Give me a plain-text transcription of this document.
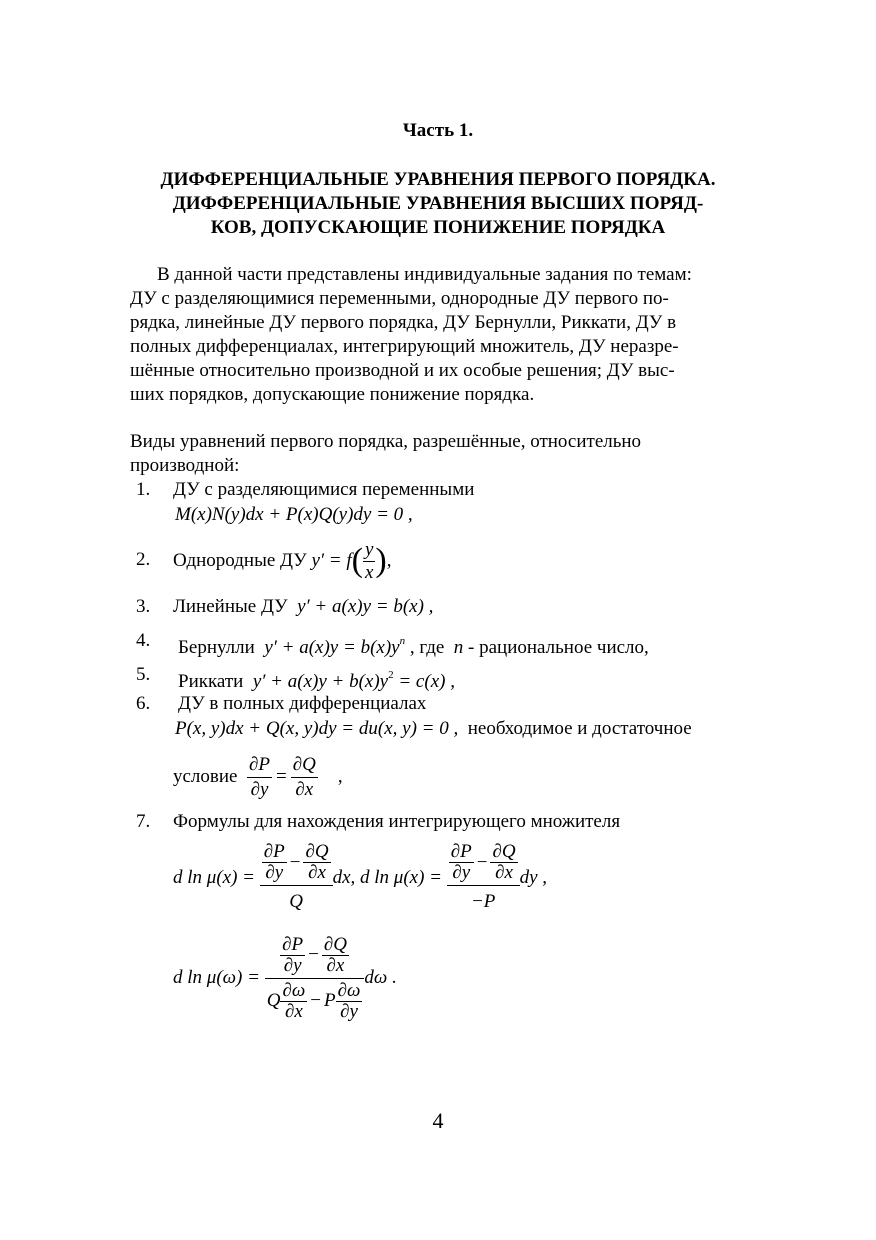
Часть 1.
ДИФФЕРЕНЦИАЛЬНЫЕ УРАВНЕНИЯ ПЕРВОГО ПОРЯДКА.
ДИФФЕРЕНЦИАЛЬНЫЕ УРАВНЕНИЯ ВЫСШИХ ПОРЯД-
КОВ, ДОПУСКАЮЩИЕ ПОНИЖЕНИЕ ПОРЯДКА
В данной части представлены индивидуальные задания по темам:
ДУ с разделяющимися переменными, однородные ДУ первого по-
рядка, линейные ДУ первого порядка, ДУ Бернулли, Риккати, ДУ в
полных дифференциалах, интегрирующий множитель, ДУ неразре-
шённые относительно производной и их особые решения; ДУ выс-
ших порядков, допускающие понижение порядка.
Виды уравнений первого порядка, разрешённые, относительно
производной:
1. ДУ с разделяющимися переменными
M(x)N(y)dx + P(x)Q(y)dy = 0 ,
2. Однородные ДУ
y′ = f ( $\frac{y}{x}$ ) ,
3. Линейные ДУ y′ + a(x)y = b(x) ,
4. Бернулли $y' + a(x)y = b(x)y^n$ , где n - рациональное число,
5. Риккати $y' + a(x)y + b(x)y^2 = c(x)$ ,
6. ДУ в полных дифференциалах
P(x, y)dx + Q(x, y)dy = du(x, y) = 0 , необходимое и достаточное
условие
$\frac{\partial P}{\partial y} = \frac{\partial Q}{\partial x}$	,
7. Формулы для нахождения интегрирующего множителя
d ln μ(x) =
$\frac{\partial P}{\partial y} - \frac{\partial Q}{\partial x}$
Q
dx , d ln μ(x) =
$\frac{\partial P}{\partial y} - \frac{\partial Q}{\partial x}$
−P
dy ,
d ln μ(ω) =

$\frac{\partial P}{\partial y} - \frac{\partial Q}{\partial x}$
Q $\frac{\partial\omega}{\partial x} - P \frac{\partial\omega}{\partial y}$
dω .
4
